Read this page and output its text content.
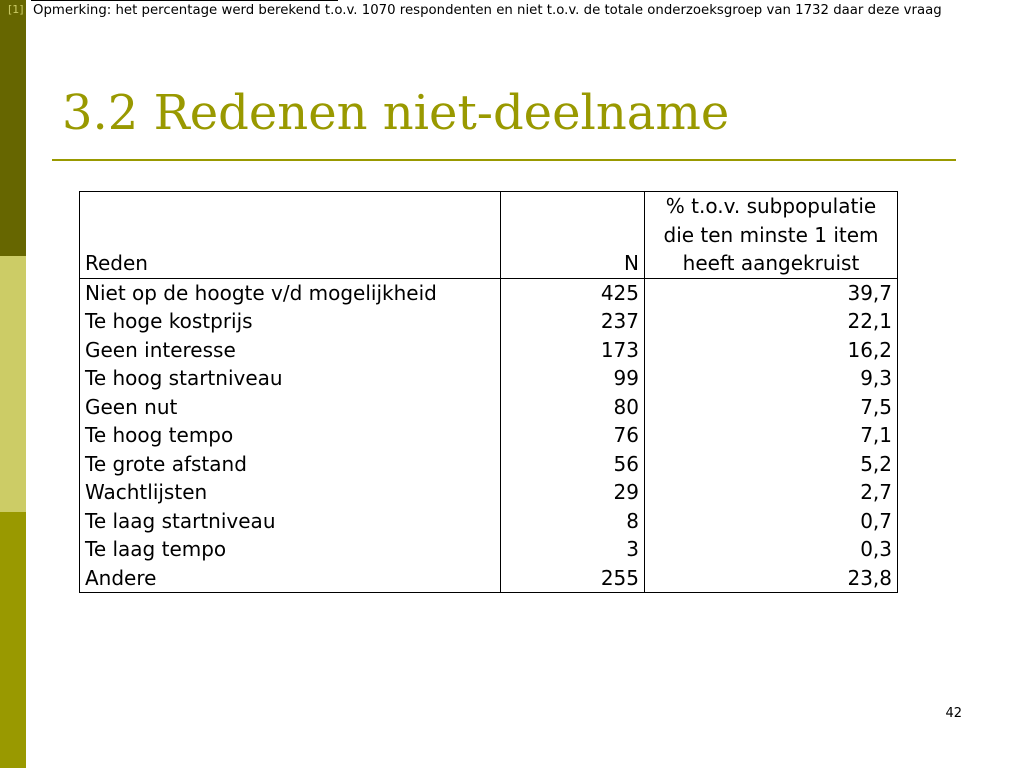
[1] Opmerking: het percentage werd berekend t.o.v. 1070 respondenten en niet t.o.v. de totale onderzoeksgroep van 1732 daar deze vraag
3.2 Redenen niet-deelname
Reden	N	% t.o.v. subpopulatie die ten minste 1 item heeft aangekruist
Niet op de hoogte v/d mogelijkheid	425	39,7
Te hoge kostprijs	237	22,1
Geen interesse	173	16,2
Te hoog startniveau	99	9,3
Geen nut	80	7,5
Te hoog tempo	76	7,1
Te grote afstand	56	5,2
Wachtlijsten	29	2,7
Te laag startniveau	8	0,7
Te laag tempo	3	0,3
Andere	255	23,8
42
